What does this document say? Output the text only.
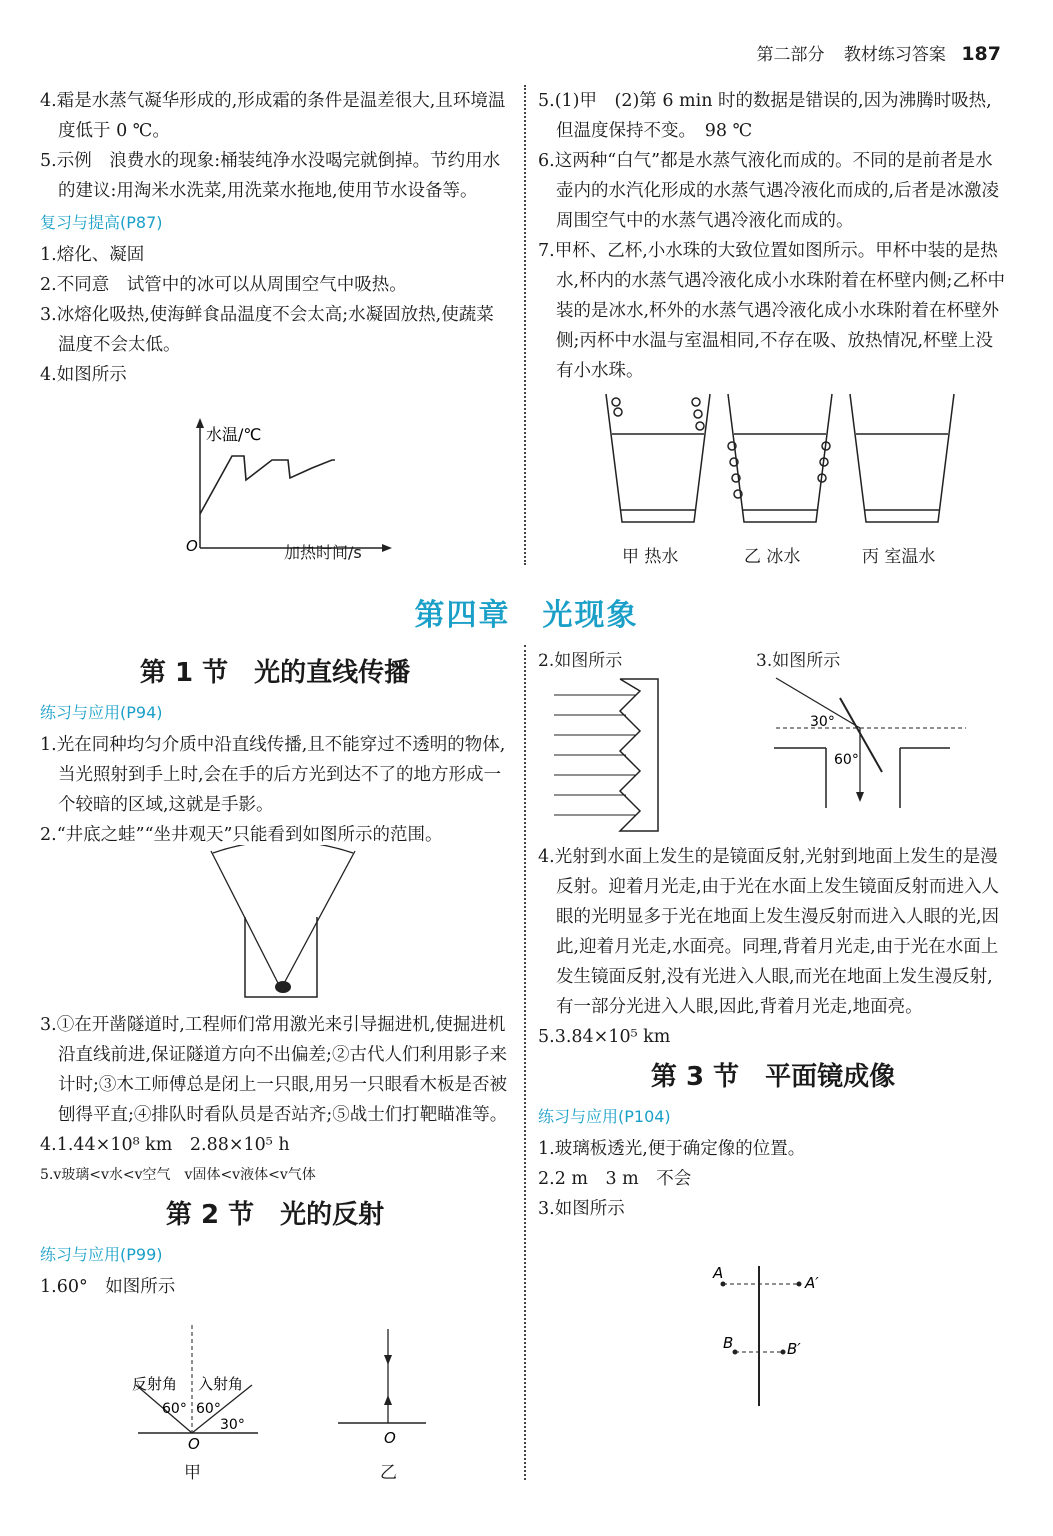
第二部分 教材练习答案 187

4.霜是水蒸气凝华形成的,形成霜的条件是温差很大,且环境温度低于 0 ℃。

5.示例　浪费水的现象:桶装纯净水没喝完就倒掉。节约用水的建议:用淘米水洗菜,用洗菜水拖地,使用节水设备等。

复习与提高(P87)

1.熔化、凝固

2.不同意　试管中的冰可以从周围空气中吸热。

3.冰熔化吸热,使海鲜食品温度不会太高;水凝固放热,使蔬菜温度不会太低。

4.如图所示

水温/℃
O	加热时间/s

5.(1)甲　(2)第 6 min 时的数据是错误的,因为沸腾时吸热,但温度保持不变。　98 ℃

6.这两种“白气”都是水蒸气液化而成的。不同的是前者是水壶内的水汽化形成的水蒸气遇冷液化而成的,后者是冰激凌周围空气中的水蒸气遇冷液化而成的。

7.甲杯、乙杯,小水珠的大致位置如图所示。甲杯中装的是热水,杯内的水蒸气遇冷液化成小水珠附着在杯壁内侧;乙杯中装的是冰水,杯外的水蒸气遇冷液化成小水珠附着在杯壁外侧;丙杯中水温与室温相同,不存在吸、放热情况,杯壁上没有小水珠。

甲 热水	乙 冰水	丙 室温水
第四章　光现象
第 1 节　光的直线传播
练习与应用(P94)

1.光在同种均匀介质中沿直线传播,且不能穿过不透明的物体,当光照射到手上时,会在手的后方光到达不了的地方形成一个较暗的区域,这就是手影。

2.“井底之蛙”“坐井观天”只能看到如图所示的范围。

3.①在开凿隧道时,工程师们常用激光来引导掘进机,使掘进机沿直线前进,保证隧道方向不出偏差;②古代人们利用影子来计时;③木工师傅总是闭上一只眼,用另一只眼看木板是否被刨得平直;④排队时看队员是否站齐;⑤战士们打靶瞄准等。

4.1.44×10⁸ km　2.88×10⁵ h

5.v玻璃<v水<v空气　v固体<v液体<v气体

第 2 节　光的反射
练习与应用(P99)

1.60°　如图所示

反射角 入射角
60° 60°
30°
O	O
甲	乙
2.如图所示	3.如图所示
30°
60°

4.光射到水面上发生的是镜面反射,光射到地面上发生的是漫反射。迎着月光走,由于光在水面上发生镜面反射而进入人眼的光明显多于光在地面上发生漫反射而进入人眼的光,因此,迎着月光走,水面亮。同理,背着月光走,由于光在水面上发生镜面反射,没有光进入人眼,而光在地面上发生漫反射,有一部分光进入人眼,因此,背着月光走,地面亮。

5.3.84×10⁵ km

第 3 节　平面镜成像
练习与应用(P104)

1.玻璃板透光,便于确定像的位置。

2.2 m　3 m　不会

3.如图所示

A
A′
B	B′
